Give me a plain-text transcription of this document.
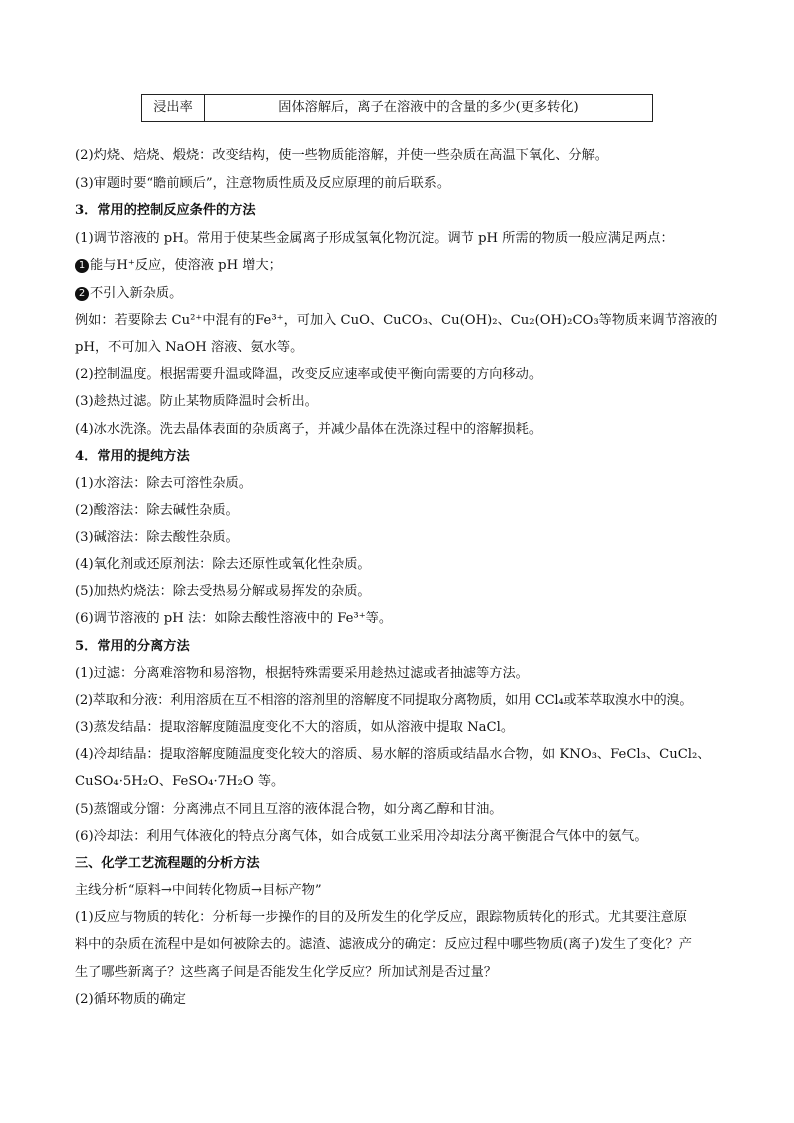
浸出率	固体溶解后，离子在溶液中的含量的多少(更多转化)
(2)灼烧、焙烧、煅烧：改变结构，使一些物质能溶解，并使一些杂质在高温下氧化、分解。
(3)审题时要“瞻前顾后”，注意物质性质及反应原理的前后联系。
3．常用的控制反应条件的方法
(1)调节溶液的 pH。常用于使某些金属离子形成氢氧化物沉淀。调节 pH 所需的物质一般应满足两点：
1 能与H⁺反应，使溶液 pH 增大；
2 不引入新杂质。
例如：若要除去 Cu²⁺中混有的Fe³⁺，可加入 CuO、CuCO₃、Cu(OH)₂、Cu₂(OH)₂CO₃等物质来调节溶液的
pH，不可加入 NaOH 溶液、氨水等。
(2)控制温度。根据需要升温或降温，改变反应速率或使平衡向需要的方向移动。
(3)趁热过滤。防止某物质降温时会析出。
(4)冰水洗涤。洗去晶体表面的杂质离子，并减少晶体在洗涤过程中的溶解损耗。
4．常用的提纯方法
(1)水溶法：除去可溶性杂质。
(2)酸溶法：除去碱性杂质。
(3)碱溶法：除去酸性杂质。
(4)氧化剂或还原剂法：除去还原性或氧化性杂质。
(5)加热灼烧法：除去受热易分解或易挥发的杂质。
(6)调节溶液的 pH 法：如除去酸性溶液中的 Fe³⁺等。
5．常用的分离方法
(1)过滤：分离难溶物和易溶物，根据特殊需要采用趁热过滤或者抽滤等方法。
(2)萃取和分液：利用溶质在互不相溶的溶剂里的溶解度不同提取分离物质，如用 CCl₄或苯萃取溴水中的溴。
(3)蒸发结晶：提取溶解度随温度变化不大的溶质，如从溶液中提取 NaCl。
(4)冷却结晶：提取溶解度随温度变化较大的溶质、易水解的溶质或结晶水合物，如 KNO₃、FeCl₃、CuCl₂、
CuSO₄·5H₂O、FeSO₄·7H₂O 等。
(5)蒸馏或分馏：分离沸点不同且互溶的液体混合物，如分离乙醇和甘油。
(6)冷却法：利用气体液化的特点分离气体，如合成氨工业采用冷却法分离平衡混合气体中的氨气。
三、化学工艺流程题的分析方法
主线分析“原料→中间转化物质→目标产物”
(1)反应与物质的转化：分析每一步操作的目的及所发生的化学反应，跟踪物质转化的形式。尤其要注意原
料中的杂质在流程中是如何被除去的。滤渣、滤液成分的确定：反应过程中哪些物质(离子)发生了变化？产
生了哪些新离子？这些离子间是否能发生化学反应？所加试剂是否过量？
(2)循环物质的确定
